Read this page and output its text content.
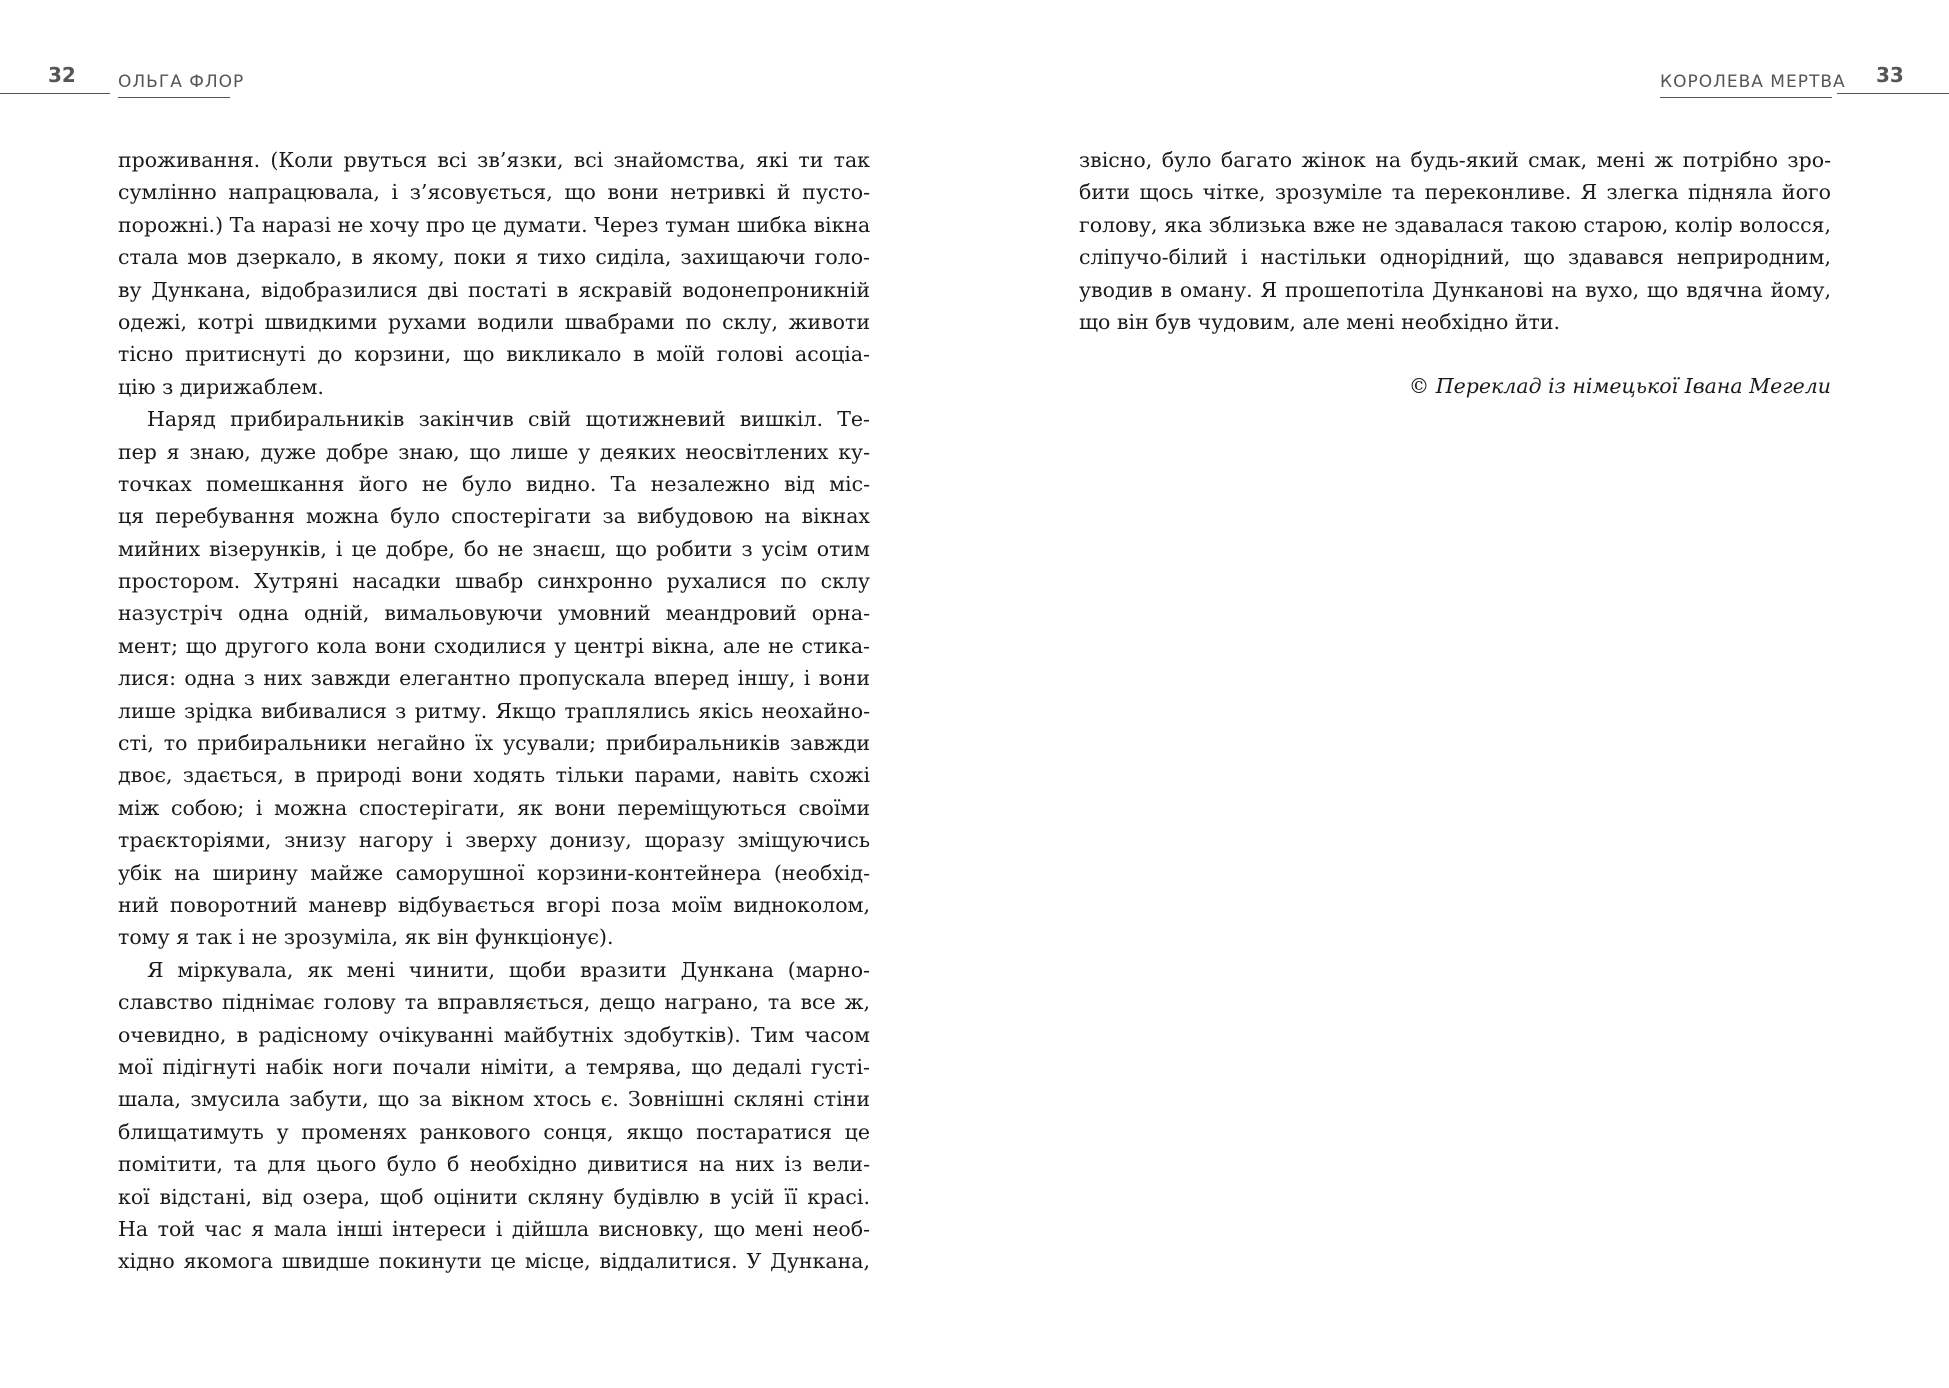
32 ОЛЬГА ФЛОР	КОРОЛЕВА МЕРТВА 33
проживання. (Коли рвуться всі зв’язки, всі знайомства, які ти так
сумлінно напрацювала, і з’ясовується, що вони нетривкі й пусто-
порожні.) Та наразі не хочу про це думати. Через туман шибка вікна
стала мов дзеркало, в якому, поки я тихо сиділа, захищаючи голо-
ву Дункана, відобразилися дві постаті в яскравій водонепроникній
одежі, котрі швидкими рухами водили швабрами по склу, животи
тісно притиснуті до корзини, що викликало в моїй голові асоціа-
цію з дирижаблем.
Наряд прибиральників закінчив свій щотижневий вишкіл. Те-
пер я знаю, дуже добре знаю, що лише у деяких неосвітлених ку-
точках помешкання його не було видно. Та незалежно від міс-
ця перебування можна було спостерігати за вибудовою на вікнах
мийних візерунків, і це добре, бо не знаєш, що робити з усім отим
простором. Хутряні насадки швабр синхронно рухалися по склу
назустріч одна одній, вимальовуючи умовний меандровий орна-
мент; що другого кола вони сходилися у центрі вікна, але не стика-
лися: одна з них завжди елегантно пропускала вперед іншу, і вони
лише зрідка вибивалися з ритму. Якщо траплялись якісь неохайно-
сті, то прибиральники негайно їх усували; прибиральників завжди
двоє, здається, в природі вони ходять тільки парами, навіть схожі
між собою; і можна спостерігати, як вони переміщуються своїми
траєкторіями, знизу нагору і зверху донизу, щоразу зміщуючись
убік на ширину майже саморушної корзини-контейнера (необхід-
ний поворотний маневр відбувається вгорі поза моїм видноколом,
тому я так і не зрозуміла, як він функціонує).
Я міркувала, як мені чинити, щоби вразити Дункана (марно-
славство піднімає голову та вправляється, дещо награно, та все ж,
очевидно, в радісному очікуванні майбутніх здобутків). Тим часом
мої підігнуті набік ноги почали німіти, а темрява, що дедалі густі-
шала, змусила забути, що за вікном хтось є. Зовнішні скляні стіни
блищатимуть у променях ранкового сонця, якщо постаратися це
помітити, та для цього було б необхідно дивитися на них із вели-
кої відстані, від озера, щоб оцінити скляну будівлю в усій її красі.
На той час я мала інші інтереси і дійшла висновку, що мені необ-
хідно якомога швидше покинути це місце, віддалитися. У Дункана,
звісно, було багато жінок на будь-який смак, мені ж потрібно зро-
бити щось чітке, зрозуміле та переконливе. Я злегка підняла його
голову, яка зблизька вже не здавалася такою старою, колір волосся,
сліпучо-білий і настільки однорідний, що здавався неприродним,
уводив в оману. Я прошепотіла Дунканові на вухо, що вдячна йому,
що він був чудовим, але мені необхідно йти.
© Переклад із німецької Івана Мегели
